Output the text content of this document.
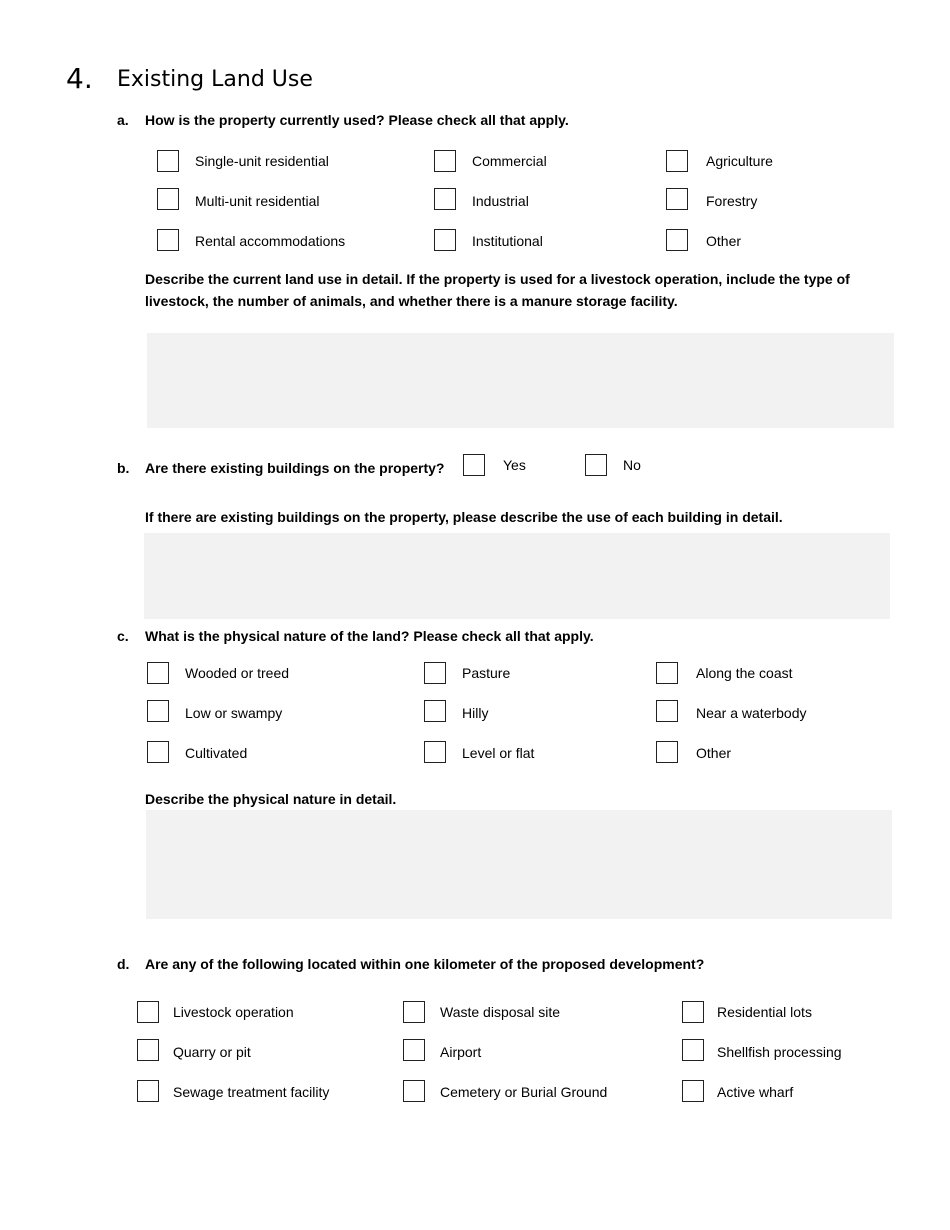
4. Existing Land Use
a. How is the property currently used? Please check all that apply.
Single-unit residential	Commercial	Agriculture
Multi-unit residential	Industrial	Forestry
Rental accommodations	Institutional	Other
Describe the current land use in detail. If the property is used for a livestock operation, include the type of livestock, the number of animals, and whether there is a manure storage facility.
b. Are there existing buildings on the property?	Yes	No
If there are existing buildings on the property, please describe the use of each building in detail.
c. What is the physical nature of the land? Please check all that apply.
Wooded or treed	Pasture	Along the coast
Low or swampy	Hilly	Near a waterbody
Cultivated	Level or flat	Other
Describe the physical nature in detail.
d. Are any of the following located within one kilometer of the proposed development?
Livestock operation	Waste disposal site	Residential lots
Quarry or pit	Airport	Shellfish processing
Sewage treatment facility	Cemetery or Burial Ground	Active wharf
